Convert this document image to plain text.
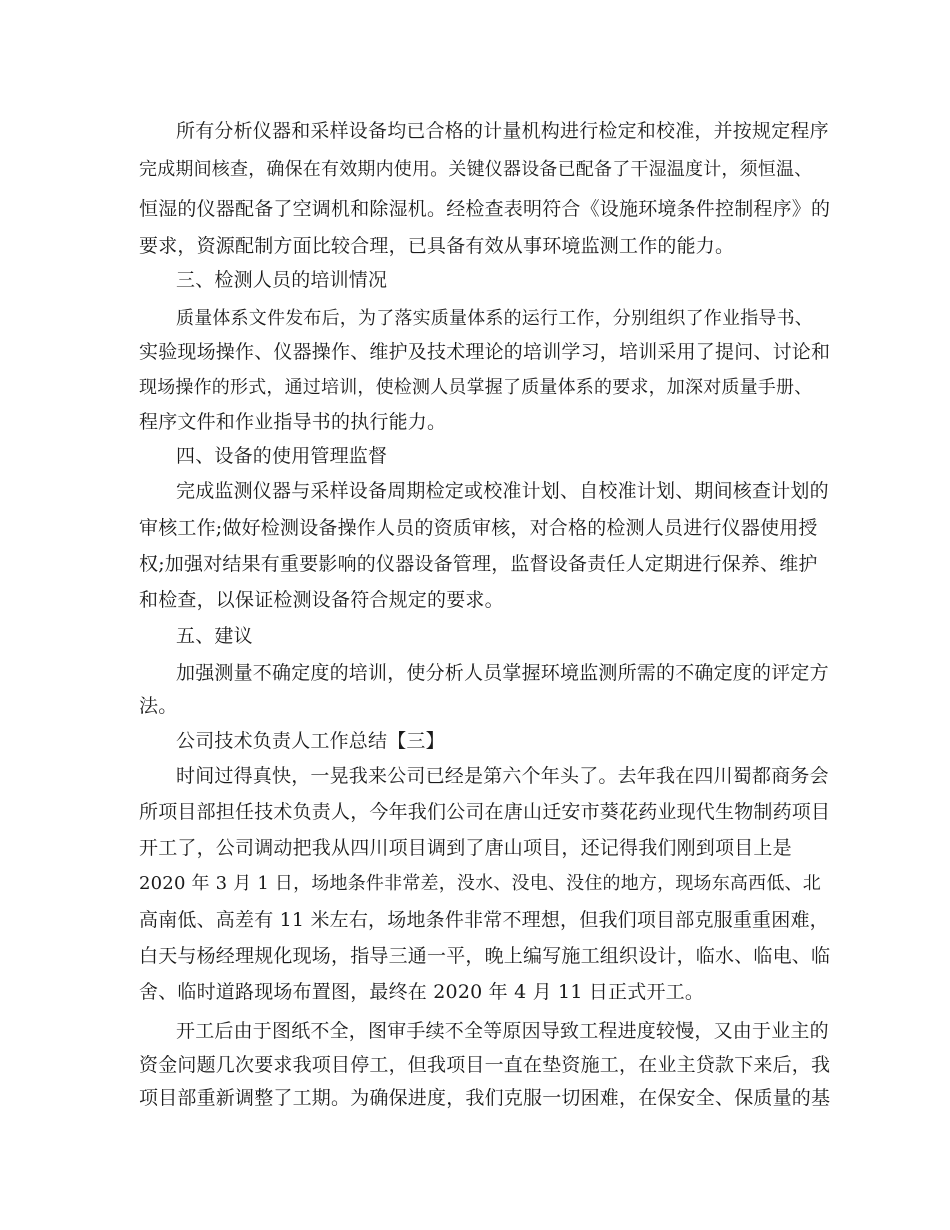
所有分析仪器和采样设备均已合格的计量机构进行检定和校准，并按规定程序
完成期间核查，确保在有效期内使用。关键仪器设备已配备了干湿温度计，须恒温、
恒湿的仪器配备了空调机和除湿机。经检查表明符合《设施环境条件控制程序》的
要求，资源配制方面比较合理，已具备有效从事环境监测工作的能力。
三、检测人员的培训情况
质量体系文件发布后，为了落实质量体系的运行工作，分别组织了作业指导书、
实验现场操作、仪器操作、维护及技术理论的培训学习，培训采用了提问、讨论和
现场操作的形式，通过培训，使检测人员掌握了质量体系的要求，加深对质量手册、
程序文件和作业指导书的执行能力。
四、设备的使用管理监督
完成监测仪器与采样设备周期检定或校准计划、自校准计划、期间核查计划的
审核工作;做好检测设备操作人员的资质审核，对合格的检测人员进行仪器使用授
权;加强对结果有重要影响的仪器设备管理，监督设备责任人定期进行保养、维护
和检查，以保证检测设备符合规定的要求。
五、建议
加强测量不确定度的培训，使分析人员掌握环境监测所需的不确定度的评定方
法。
公司技术负责人工作总结【三】
时间过得真快，一晃我来公司已经是第六个年头了。去年我在四川蜀都商务会
所项目部担任技术负责人，今年我们公司在唐山迁安市葵花药业现代生物制药项目
开工了，公司调动把我从四川项目调到了唐山项目，还记得我们刚到项目上是
2020 年 3 月 1 日，场地条件非常差，没水、没电、没住的地方，现场东高西低、北
高南低、高差有 11 米左右，场地条件非常不理想，但我们项目部克服重重困难，
白天与杨经理规化现场，指导三通一平，晚上编写施工组织设计，临水、临电、临
舍、临时道路现场布置图，最终在 2020 年 4 月 11 日正式开工。
开工后由于图纸不全，图审手续不全等原因导致工程进度较慢，又由于业主的
资金问题几次要求我项目停工，但我项目一直在垫资施工，在业主贷款下来后，我
项目部重新调整了工期。为确保进度，我们克服一切困难，在保安全、保质量的基
